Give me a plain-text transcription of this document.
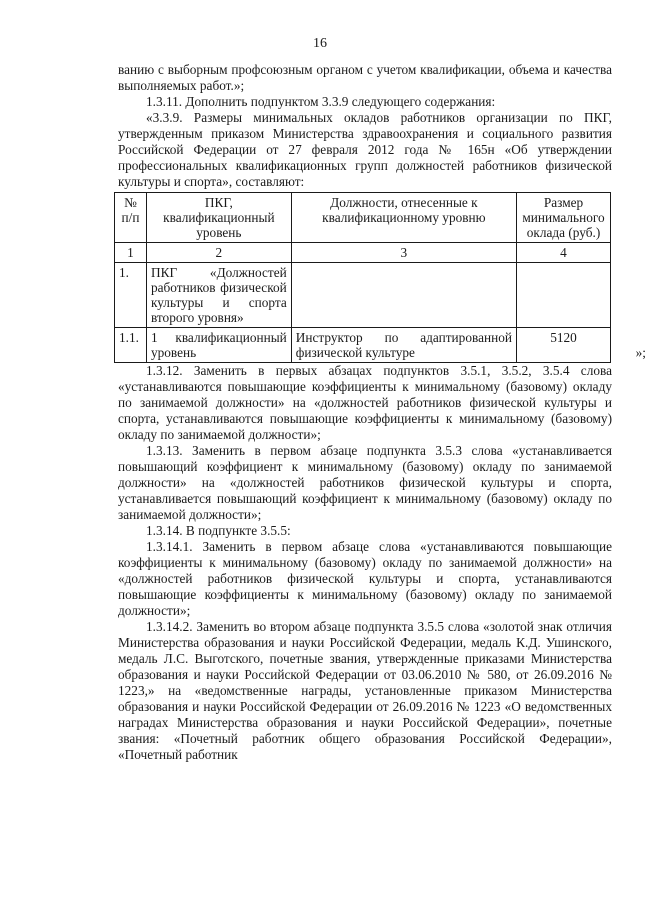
16

ванию с выборным профсоюзным органом с учетом квалификации, объема и качества выполняемых работ.»;

1.3.11. Дополнить подпунктом 3.3.9 следующего содержания:

«3.3.9. Размеры минимальных окладов работников организации по ПКГ, утвержденным приказом Министерства здравоохранения и социального развития Российской Федерации от 27 февраля 2012 года № 165н «Об утверждении профессиональных квалификационных групп должностей работников физической культуры и спорта», составляют:

№ п/п	ПКГ, квалификационный уровень	Должности, отнесенные к квалификационному уровню	Размер минимального оклада (руб.)
1	2	3	4
1.	ПКГ «Должностей работников физической культуры и спорта второго уровня»		
1.1.	1 квалификационный уровень	Инструктор по адаптированной физической культуре	5120
»;

1.3.12. Заменить в первых абзацах подпунктов 3.5.1, 3.5.2, 3.5.4 слова «устанавливаются повышающие коэффициенты к минимальному (базовому) окладу по занимаемой должности» на «должностей работников физической культуры и спорта, устанавливаются повышающие коэффициенты к минимальному (базовому) окладу по занимаемой должности»;

1.3.13. Заменить в первом абзаце подпункта 3.5.3 слова «устанавливается повышающий коэффициент к минимальному (базовому) окладу по занимаемой должности» на «должностей работников физической культуры и спорта, устанавливается повышающий коэффициент к минимальному (базовому) окладу по занимаемой должности»;

1.3.14. В подпункте 3.5.5:

1.3.14.1. Заменить в первом абзаце слова «устанавливаются повышающие коэффициенты к минимальному (базовому) окладу по занимаемой должности» на «должностей работников физической культуры и спорта, устанавливаются повышающие коэффициенты к минимальному (базовому) окладу по занимаемой должности»;

1.3.14.2. Заменить во втором абзаце подпункта 3.5.5 слова «золотой знак отличия Министерства образования и науки Российской Федерации, медаль К.Д. Ушинского, медаль Л.С. Выготского, почетные звания, утвержденные приказами Министерства образования и науки Российской Федерации от 03.06.2010 № 580, от 26.09.2016 № 1223,» на «ведомственные награды, установленные приказом Министерства образования и науки Российской Федерации от 26.09.2016 № 1223 «О ведомственных наградах Министерства образования и науки Российской Федерации», почетные звания: «Почетный работник общего образования Российской Федерации», «Почетный работник
